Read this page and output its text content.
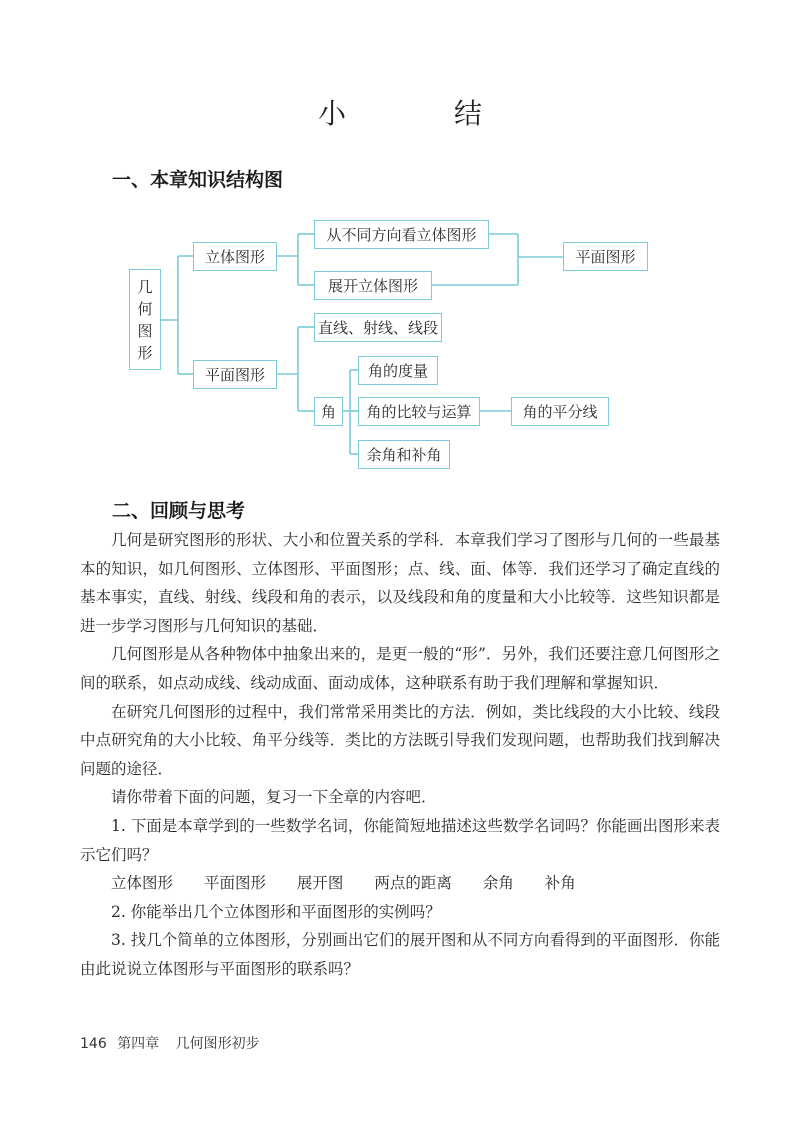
小　结
一、本章知识结构图
几
何
图
形
立体图形
平面图形
从不同方向看立体图形
展开立体图形
平面图形
直线、射线、线段
角
角的度量
角的比较与运算	角的平分线
余角和补角
二、回顾与思考

几何是研究图形的形状、大小和位置关系的学科．本章我们学习了图形与几何的一些最基本的知识，如几何图形、立体图形、平面图形；点、线、面、体等．我们还学习了确定直线的基本事实，直线、射线、线段和角的表示，以及线段和角的度量和大小比较等．这些知识都是进一步学习图形与几何知识的基础．

几何图形是从各种物体中抽象出来的，是更一般的“形”．另外，我们还要注意几何图形之间的联系，如点动成线、线动成面、面动成体，这种联系有助于我们理解和掌握知识．

在研究几何图形的过程中，我们常常采用类比的方法．例如，类比线段的大小比较、线段中点研究角的大小比较、角平分线等．类比的方法既引导我们发现问题，也帮助我们找到解决问题的途径．

请你带着下面的问题，复习一下全章的内容吧．

1. 下面是本章学到的一些数学名词，你能简短地描述这些数学名词吗？你能画出图形来表示它们吗？

立体图形 平面图形 展开图 两点的距离 余角 补角

2. 你能举出几个立体图形和平面图形的实例吗？

3. 找几个简单的立体图形，分别画出它们的展开图和从不同方向看得到的平面图形．你能由此说说立体图形与平面图形的联系吗？

146 第四章 几何图形初步
